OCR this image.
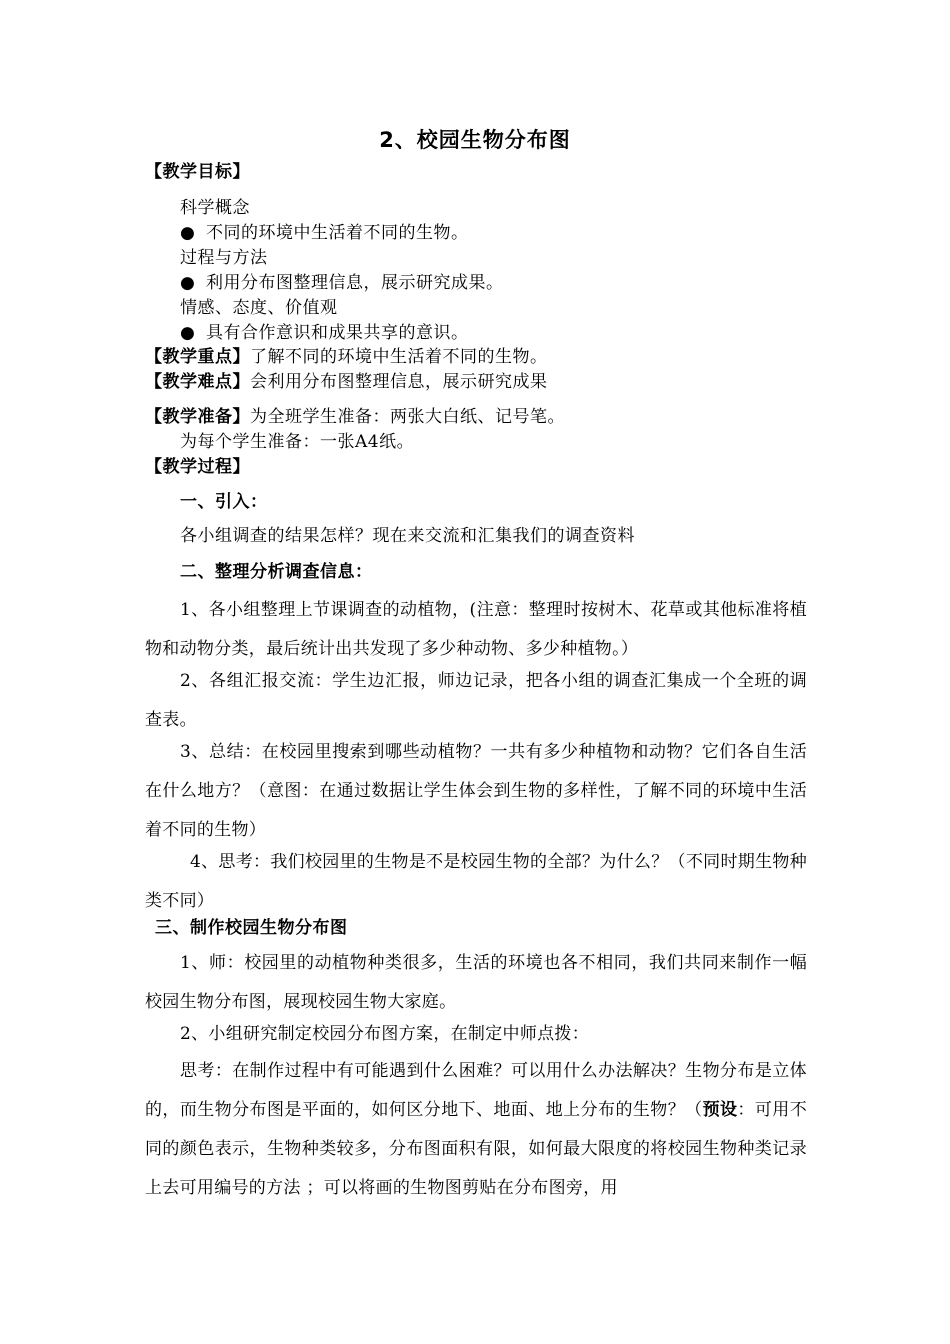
2、校园生物分布图
【教学目标】
科学概念
● 不同的环境中生活着不同的生物。
过程与方法
● 利用分布图整理信息，展示研究成果。
情感、态度、价值观
● 具有合作意识和成果共享的意识。
【教学重点】了解不同的环境中生活着不同的生物。
【教学难点】会利用分布图整理信息，展示研究成果
【教学准备】为全班学生准备：两张大白纸、记号笔。
为每个学生准备：一张A4纸。
【教学过程】
一、引入：
各小组调查的结果怎样？现在来交流和汇集我们的调查资料
二、整理分析调查信息：
1、各小组整理上节课调查的动植物，(注意：整理时按树木、花草或其他标准将植物和动物分类，最后统计出共发现了多少种动物、多少种植物。）
2、各组汇报交流：学生边汇报，师边记录，把各小组的调查汇集成一个全班的调查表。
3、总结：在校园里搜索到哪些动植物？一共有多少种植物和动物？它们各自生活在什么地方？（意图：在通过数据让学生体会到生物的多样性，了解不同的环境中生活着不同的生物）
4、思考：我们校园里的生物是不是校园生物的全部？为什么？（不同时期生物种类不同）
三、制作校园生物分布图
1、师：校园里的动植物种类很多，生活的环境也各不相同，我们共同来制作一幅校园生物分布图，展现校园生物大家庭。
2、小组研究制定校园分布图方案，在制定中师点拨：
思考：在制作过程中有可能遇到什么困难？可以用什么办法解决？生物分布是立体的，而生物分布图是平面的，如何区分地下、地面、地上分布的生物？（预设：可用不同的颜色表示，生物种类较多，分布图面积有限，如何最大限度的将校园生物种类记录上去可用编号的方法 ；可以将画的生物图剪贴在分布图旁，用
